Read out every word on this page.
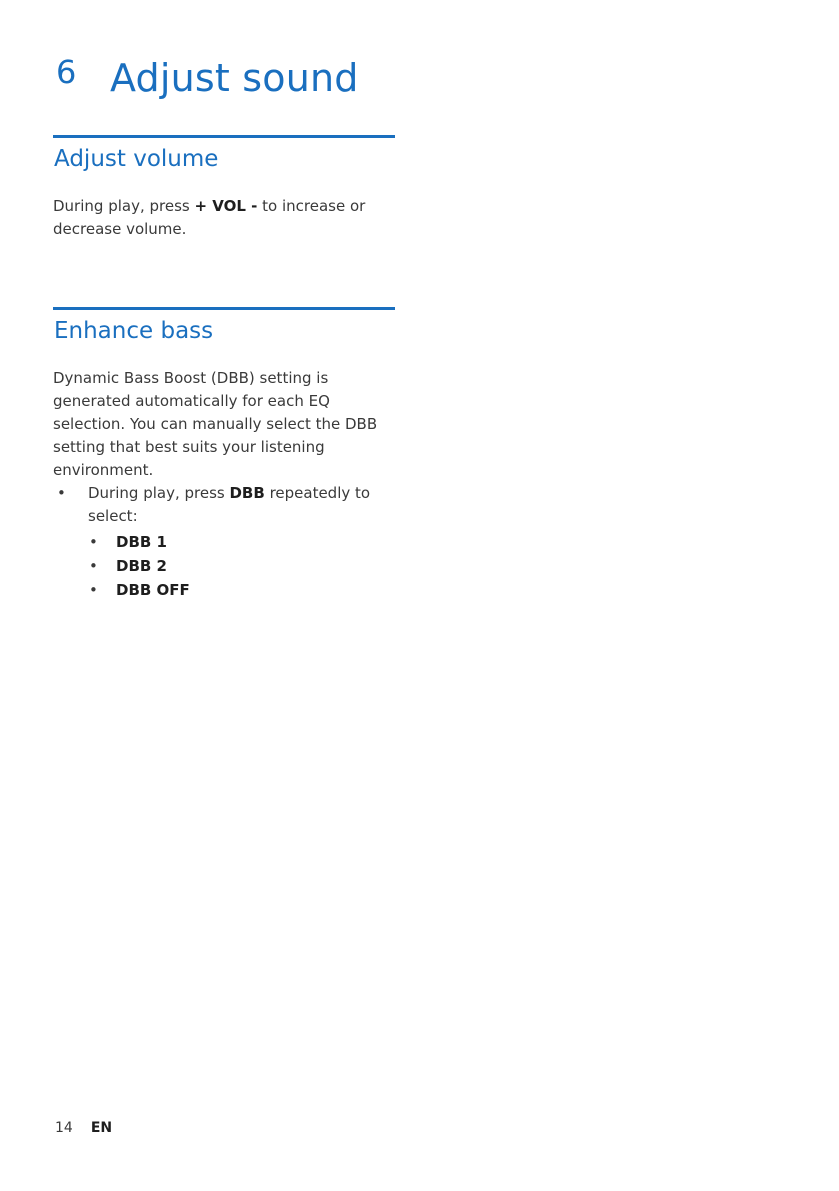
6 Adjust sound
Adjust volume

During play, press + VOL - to increase or decrease volume.

Enhance bass

Dynamic Bass Boost (DBB) setting is generated automatically for each EQ selection. You can manually select the DBB setting that best suits your listening environment.

• During play, press DBB repeatedly to select:
• DBB 1
• DBB 2
• DBB OFF
14 EN
